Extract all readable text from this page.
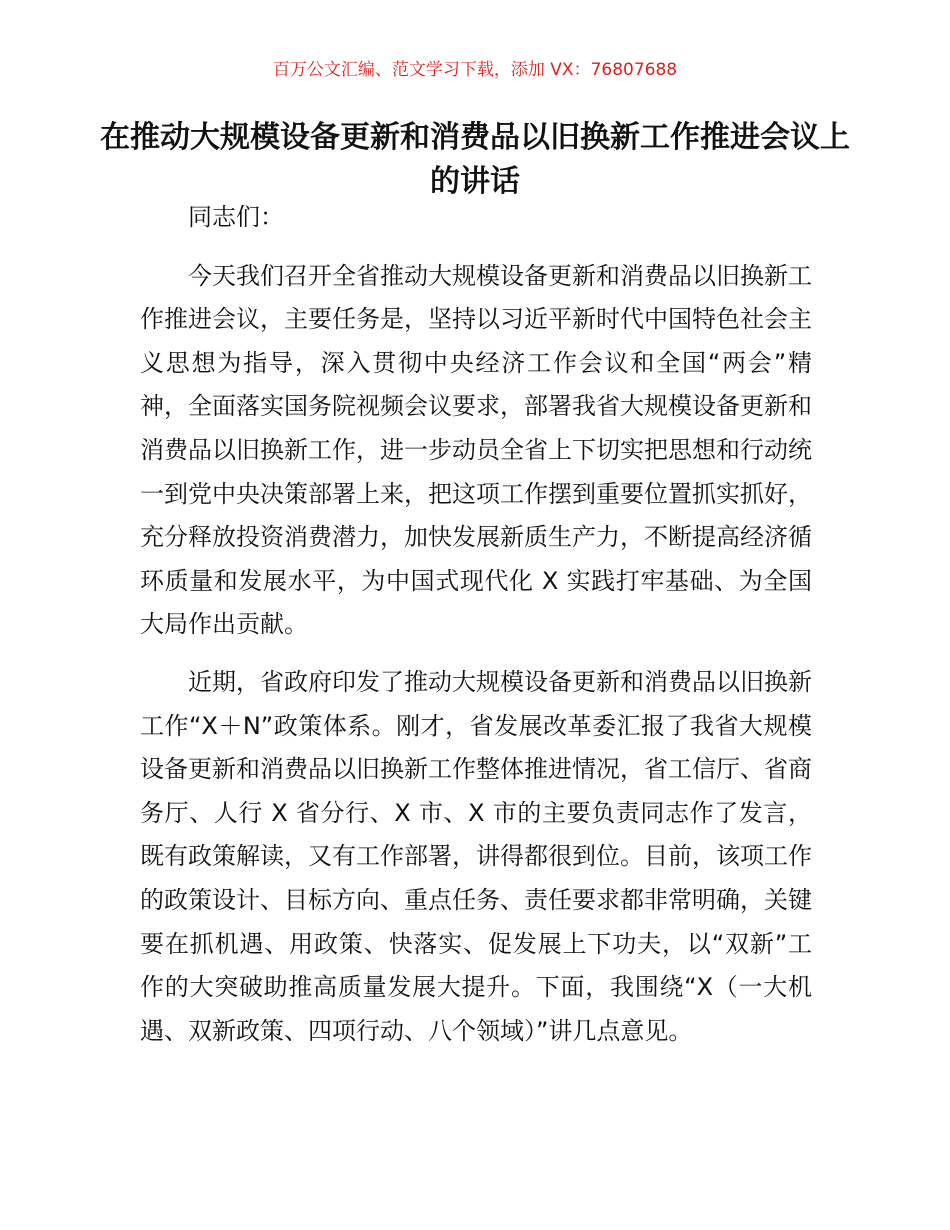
百万公文汇编、范文学习下载，添加 VX：76807688
在推动大规模设备更新和消费品以旧换新工作推进会议上的讲话

同志们：

今天我们召开全省推动大规模设备更新和消费品以旧换新工作推进会议，主要任务是，坚持以习近平新时代中国特色社会主义思想为指导，深入贯彻中央经济工作会议和全国“两会”精神，全面落实国务院视频会议要求，部署我省大规模设备更新和消费品以旧换新工作，进一步动员全省上下切实把思想和行动统一到党中央决策部署上来，把这项工作摆到重要位置抓实抓好，充分释放投资消费潜力，加快发展新质生产力，不断提高经济循环质量和发展水平，为中国式现代化 X 实践打牢基础、为全国大局作出贡献。

近期，省政府印发了推动大规模设备更新和消费品以旧换新工作“X＋N”政策体系。刚才，省发展改革委汇报了我省大规模设备更新和消费品以旧换新工作整体推进情况，省工信厅、省商务厅、人行 X 省分行、X 市、X 市的主要负责同志作了发言，既有政策解读，又有工作部署，讲得都很到位。目前，该项工作的政策设计、目标方向、重点任务、责任要求都非常明确，关键要在抓机遇、用政策、快落实、促发展上下功夫，以“双新”工作的大突破助推高质量发展大提升。下面，我围绕“X（一大机遇、双新政策、四项行动、八个领域）”讲几点意见。
